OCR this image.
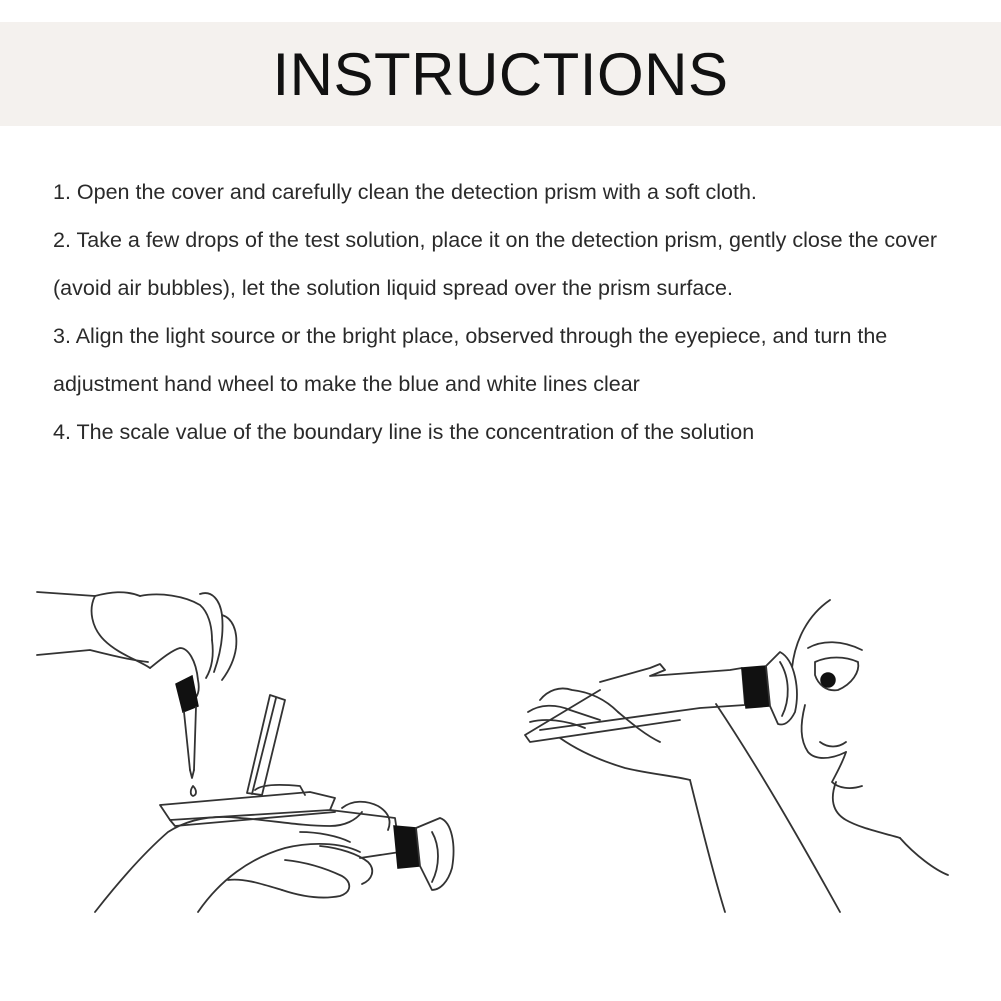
INSTRUCTIONS

1. Open the cover and carefully clean the detection prism with a soft cloth.

2. Take a few drops of the test solution, place it on the detection prism, gently close the cover (avoid air bubbles), let the solution liquid spread over the prism surface.

3. Align the light source or the bright place, observed through the eyepiece, and turn the adjustment hand wheel to make the blue and white lines clear

4. The scale value of the boundary line is the concentration of the solution
